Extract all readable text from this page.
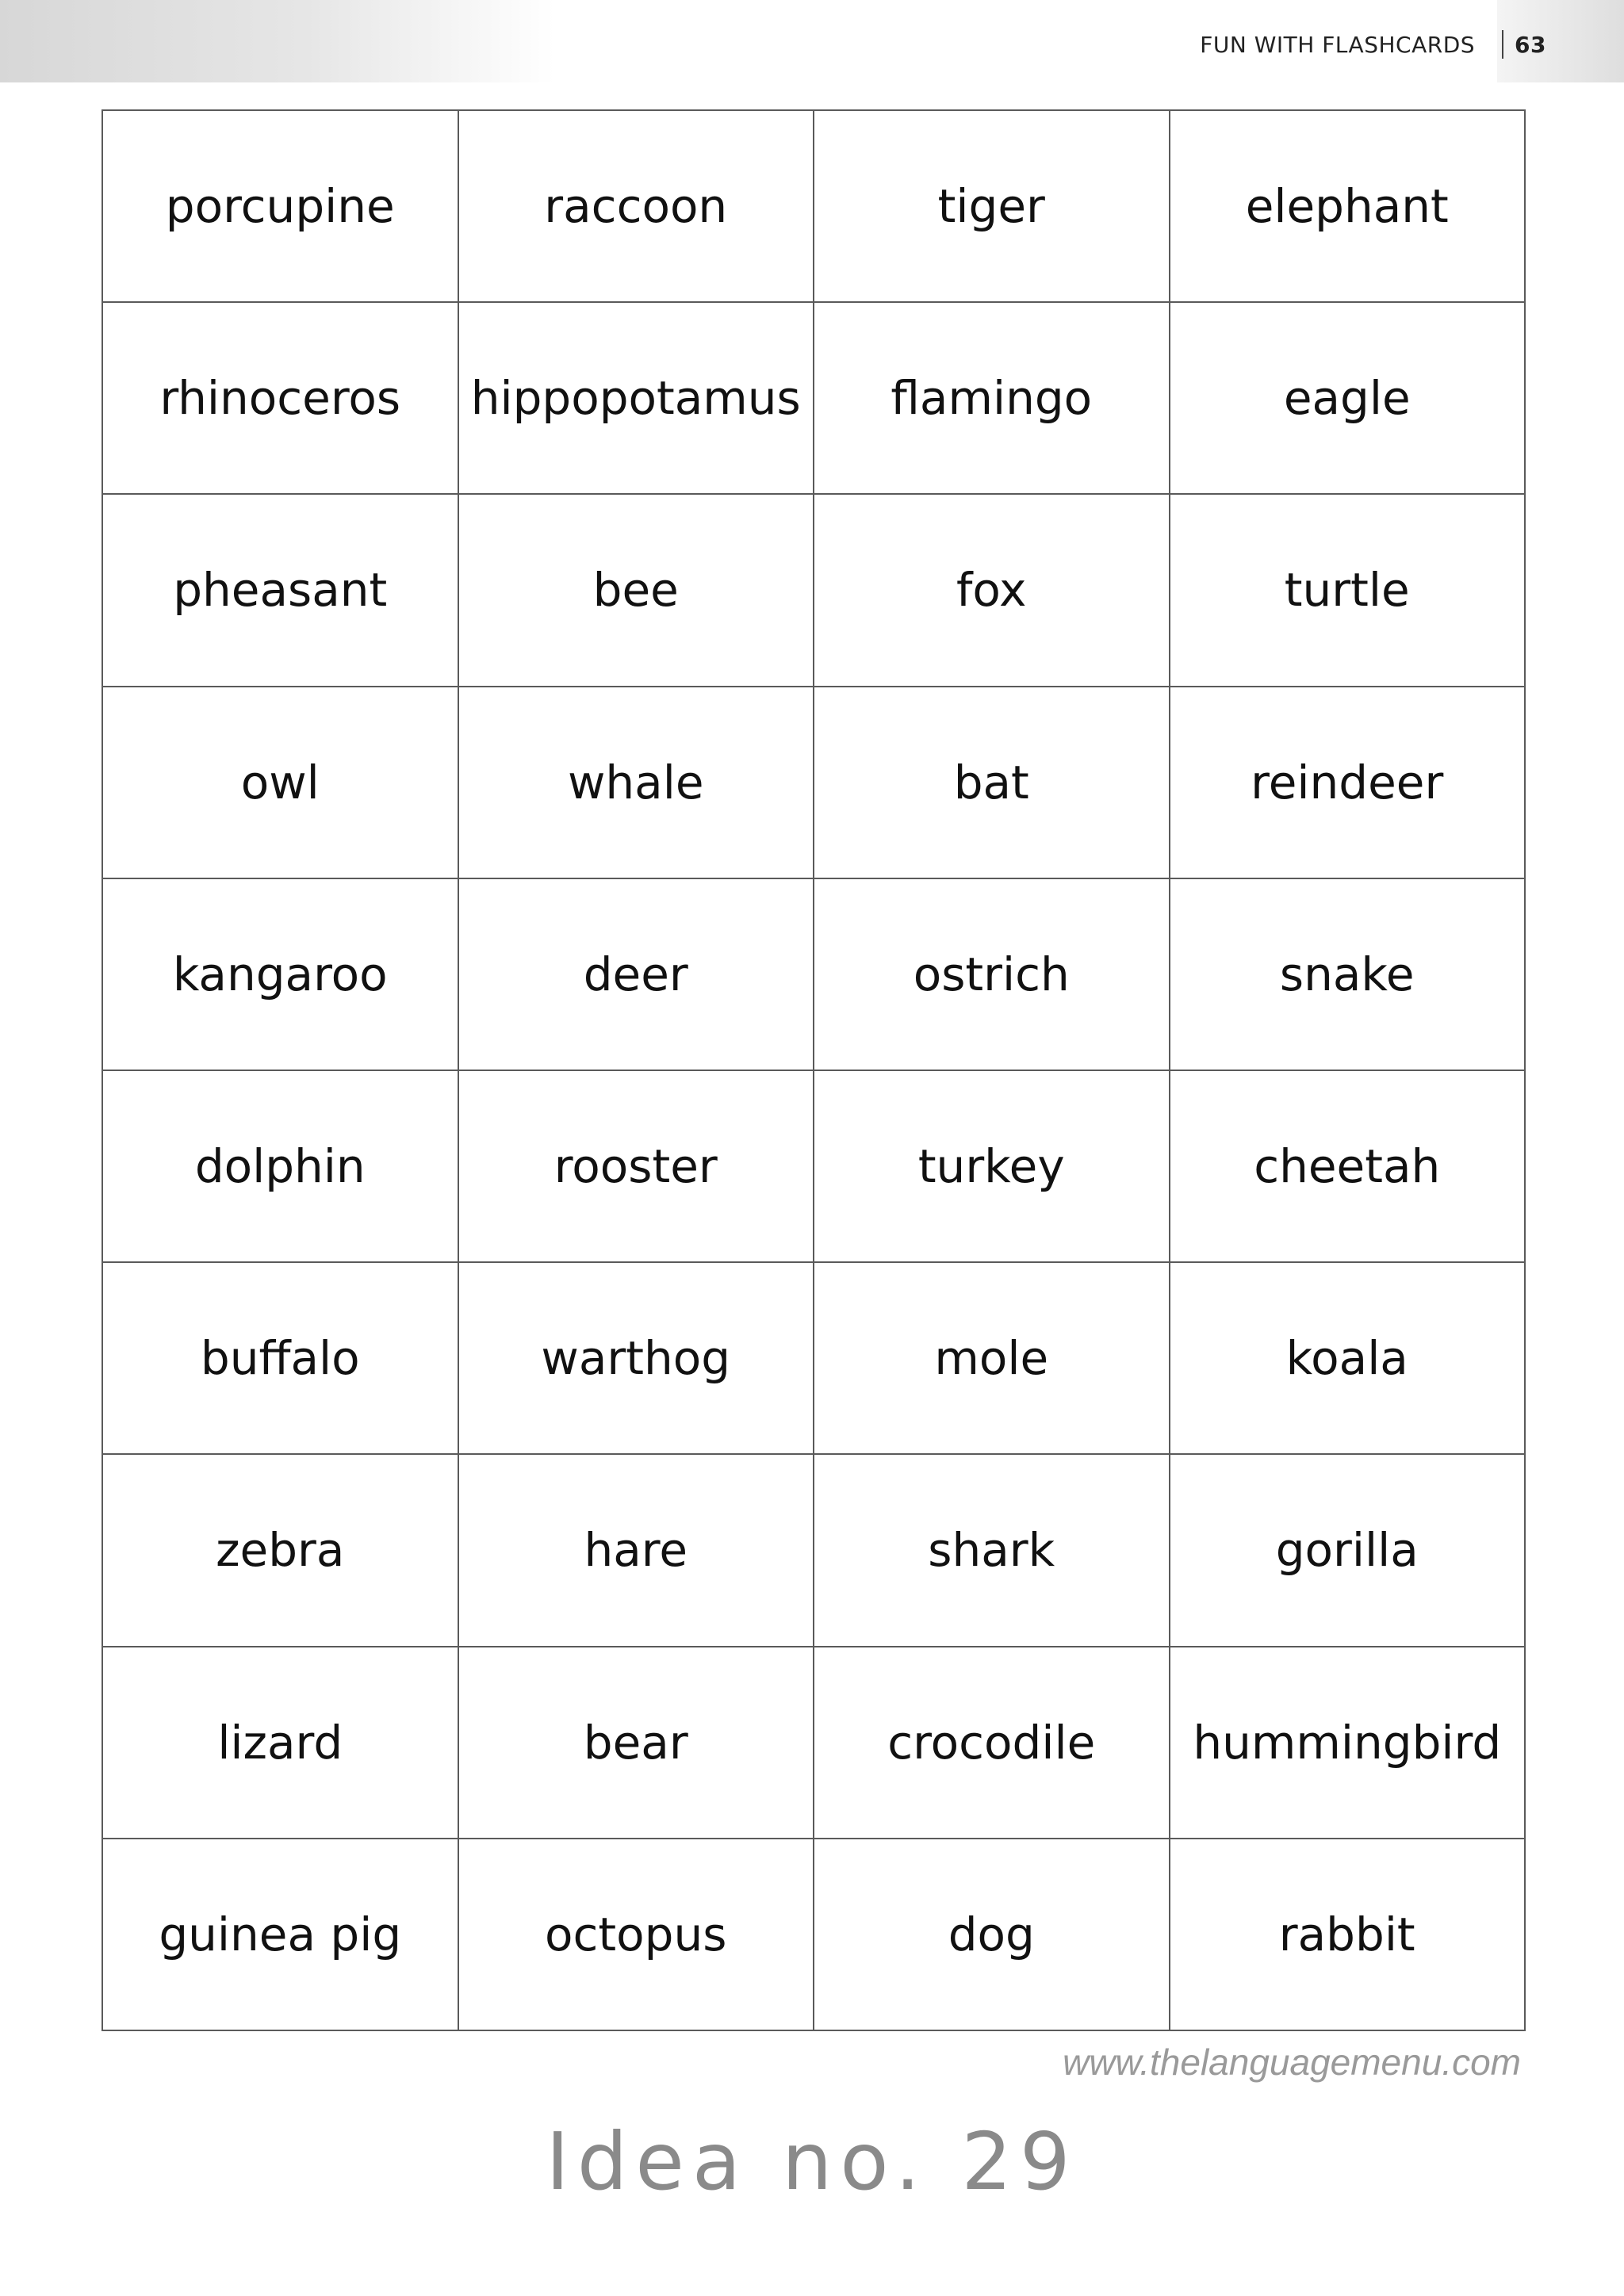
FUN WITH FLASHCARDS 63
porcupine	raccoon	tiger	elephant
rhinoceros	hippopotamus	flamingo	eagle
pheasant	bee	fox	turtle
owl	whale	bat	reindeer
kangaroo	deer	ostrich	snake
dolphin	rooster	turkey	cheetah
buffalo	warthog	mole	koala
zebra	hare	shark	gorilla
lizard	bear	crocodile	hummingbird
guinea pig	octopus	dog	rabbit
www.thelanguagemenu.com
Idea no. 29
